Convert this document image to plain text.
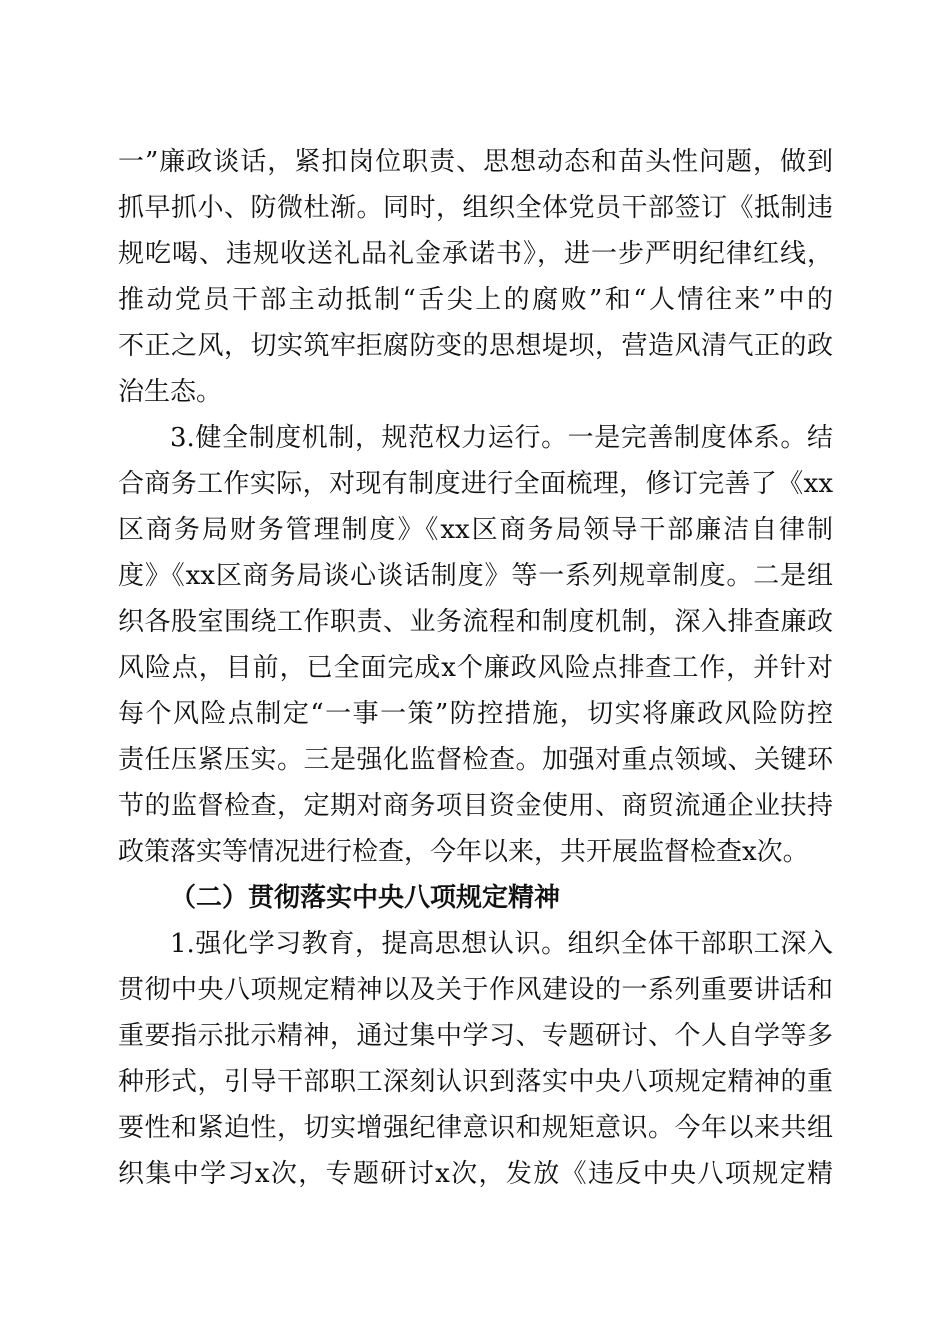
一”廉政谈话，紧扣岗位职责、思想动态和苗头性问题，做到
抓早抓小、防微杜渐。同时，组织全体党员干部签订《抵制违
规吃喝、违规收送礼品礼金承诺书》，进一步严明纪律红线，
推动党员干部主动抵制“舌尖上的腐败”和“人情往来”中的
不正之风，切实筑牢拒腐防变的思想堤坝，营造风清气正的政
治生态。
3.健全制度机制，规范权力运行。一是完善制度体系。结
合商务工作实际，对现有制度进行全面梳理，修订完善了《xx
区商务局财务管理制度》《xx区商务局领导干部廉洁自律制
度》《xx区商务局谈心谈话制度》等一系列规章制度。二是组
织各股室围绕工作职责、业务流程和制度机制，深入排查廉政
风险点，目前，已全面完成x个廉政风险点排查工作，并针对
每个风险点制定“一事一策”防控措施，切实将廉政风险防控
责任压紧压实。三是强化监督检查。加强对重点领域、关键环
节的监督检查，定期对商务项目资金使用、商贸流通企业扶持
政策落实等情况进行检查，今年以来，共开展监督检查x次。
（二）贯彻落实中央八项规定精神
1.强化学习教育，提高思想认识。组织全体干部职工深入
贯彻中央八项规定精神以及关于作风建设的一系列重要讲话和
重要指示批示精神，通过集中学习、专题研讨、个人自学等多
种形式，引导干部职工深刻认识到落实中央八项规定精神的重
要性和紧迫性，切实增强纪律意识和规矩意识。今年以来共组
织集中学习x次，专题研讨x次，发放《违反中央八项规定精
